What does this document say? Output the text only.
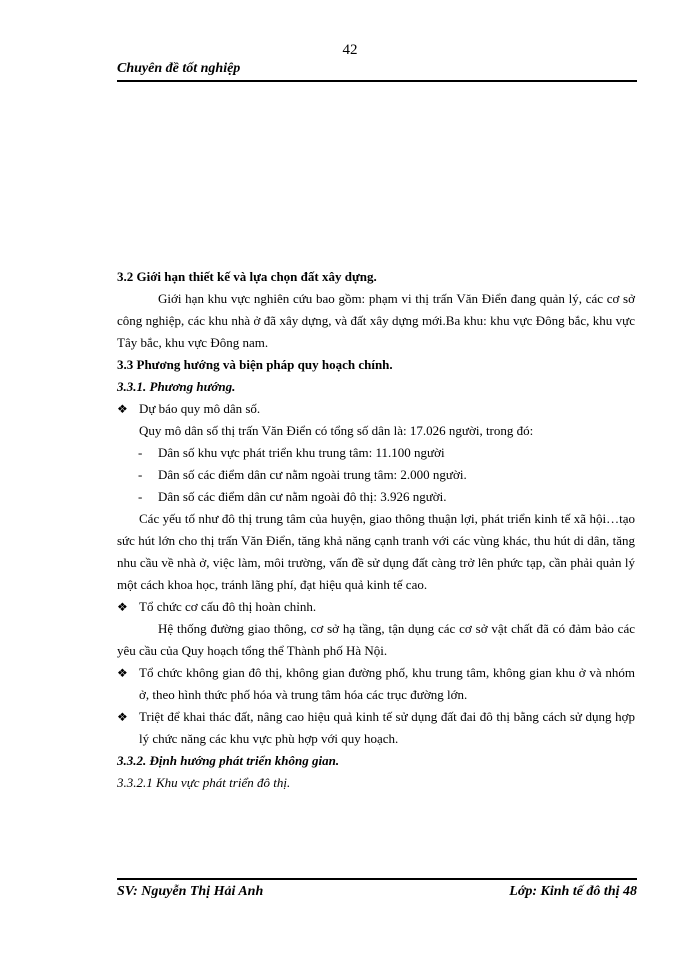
42
Chuyên đề tốt nghiệp

3.2 Giới hạn thiết kế và lựa chọn đất xây dựng.

Giới hạn khu vực nghiên cứu bao gồm: phạm vi thị trấn Văn Điển đang quản lý, các cơ sở công nghiệp, các khu nhà ở đã xây dựng, và đất xây dựng mới.Ba khu: khu vực Đông bắc, khu vực Tây bắc, khu vực Đông nam.

3.3 Phương hướng và biện pháp quy hoạch chính.

3.3.1. Phương hướng.

❖ Dự báo quy mô dân số.

Quy mô dân số thị trấn Văn Điển có tổng số dân là: 17.026 người, trong đó:

- Dân số khu vực phát triển khu trung tâm: 11.100 người

- Dân số các điểm dân cư nằm ngoài trung tâm: 2.000 người.

- Dân số các điểm dân cư nằm ngoài đô thị: 3.926 người.

Các yếu tố như đô thị trung tâm của huyện, giao thông thuận lợi, phát triển kinh tế xã hội…tạo sức hút lớn cho thị trấn Văn Điển, tăng khả năng cạnh tranh với các vùng khác, thu hút di dân, tăng nhu cầu về nhà ở, việc làm, môi trường, vấn đề sử dụng đất càng trở lên phức tạp, cần phải quản lý một cách khoa học, tránh lãng phí, đạt hiệu quả kinh tế cao.

❖ Tổ chức cơ cấu đô thị hoàn chỉnh.

Hệ thống đường giao thông, cơ sở hạ tầng, tận dụng các cơ sở vật chất đã có đảm bảo các yêu cầu của Quy hoạch tổng thể Thành phố Hà Nội.

❖ Tổ chức không gian đô thị, không gian đường phố, khu trung tâm, không gian khu ở và nhóm ở, theo hình thức phố hóa và trung tâm hóa các trục đường lớn.

❖ Triệt để khai thác đất, nâng cao hiệu quả kinh tế sử dụng đất đai đô thị bằng cách sử dụng hợp lý chức năng các khu vực phù hợp với quy hoạch.

3.3.2. Định hướng phát triển không gian.

3.3.2.1 Khu vực phát triển đô thị.

SV: Nguyễn Thị Hải Anh	Lớp: Kinh tế đô thị 48
